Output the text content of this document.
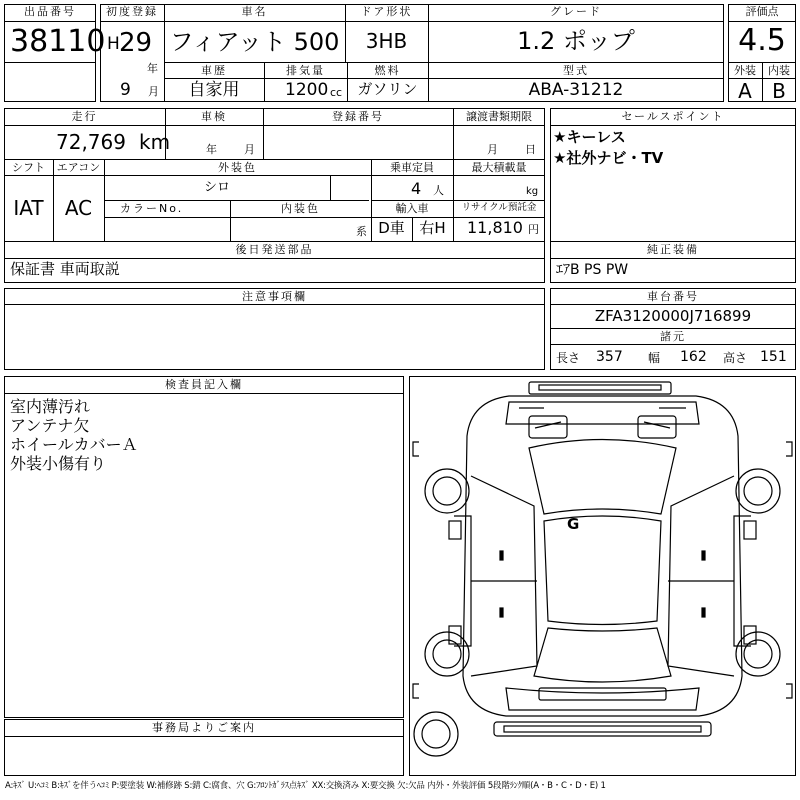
出品番号
38110
初度登録
H 29
年
9 月
車名
フィアット 500
ドア形状
3HB
グレード
1.2 ポップ
車歴
自家用
排気量
1200 cc
燃料
ガソリン
型式
ABA-31212
評価点
4.5
外装	内装
A	B
走行
72,769 km
車検
年 月
登録番号	譲渡書類期限
月 日
シフト
IAT
エアコン
AC
外装色
シロ
カラーNo.	内装色
系
乗車定員
4 人
最大積載量
kg
輸入車
D車 右H
リサイクル預託金
11,810 円
後日発送部品
保証書 車両取説
セールスポイント
★キーレス
★社外ナビ・TV
純正装備
ｴｱB PS PW
注意事項欄	車台番号
ZFA3120000J716899
諸元
長さ 357 幅 162 高さ 151
検査員記入欄
室内薄汚れ
アンテナ欠
ホイールカバーＡ
外装小傷有り
事務局よりご案内
G
A:ｷｽﾞ U:ﾍｺﾐ B:ｷｽﾞを伴うﾍｺﾐ P:要塗装 W:補修跡 S:錆 C:腐食、穴 G:ﾌﾛﾝﾄｶﾞﾗｽ点ｷｽﾞ XX:交換済み X:要交換 欠:欠品 内外・外装評価 5段階ﾗﾝｸ順(A・B・C・D・E) 1
